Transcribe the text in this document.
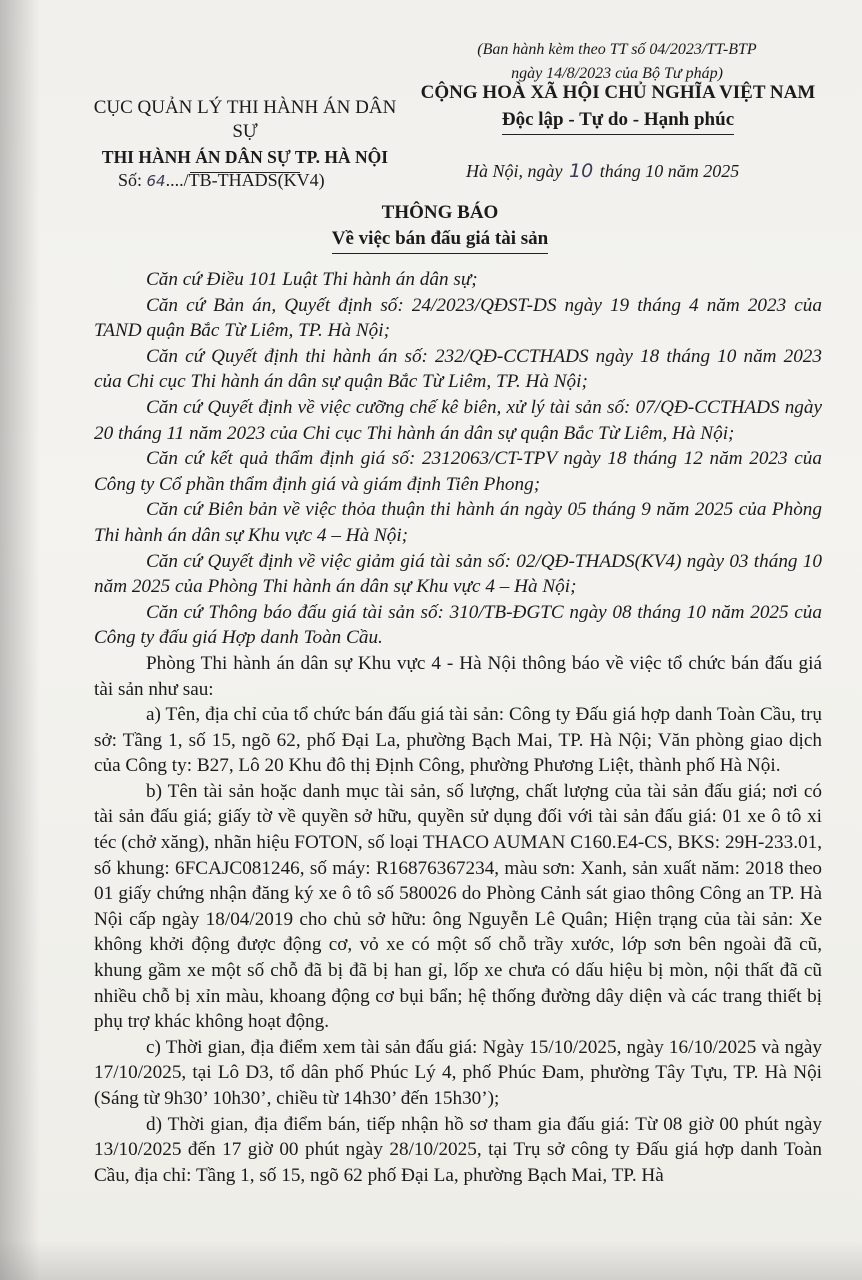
(Ban hành kèm theo TT số 04/2023/TT-BTP
ngày 14/8/2023 của Bộ Tư pháp)
CỤC QUẢN LÝ THI HÀNH ÁN DÂN SỰ
THI HÀNH ÁN DÂN SỰ TP. HÀ NỘI
CỘNG HOÀ XÃ HỘI CHỦ NGHĨA VIỆT NAM
Độc lập - Tự do - Hạnh phúc
Số: 64..../TB-THADS(KV4)	Hà Nội, ngày 10 tháng 10 năm 2025
THÔNG BÁO
Về việc bán đấu giá tài sản

Căn cứ Điều 101 Luật Thi hành án dân sự;

Căn cứ Bản án, Quyết định số: 24/2023/QĐST-DS ngày 19 tháng 4 năm 2023 của TAND quận Bắc Từ Liêm, TP. Hà Nội;

Căn cứ Quyết định thi hành án số: 232/QĐ-CCTHADS ngày 18 tháng 10 năm 2023 của Chi cục Thi hành án dân sự quận Bắc Từ Liêm, TP. Hà Nội;

Căn cứ Quyết định về việc cưỡng chế kê biên, xử lý tài sản số: 07/QĐ-CCTHADS ngày 20 tháng 11 năm 2023 của Chi cục Thi hành án dân sự quận Bắc Từ Liêm, Hà Nội;

Căn cứ kết quả thẩm định giá số: 2312063/CT-TPV ngày 18 tháng 12 năm 2023 của Công ty Cổ phần thẩm định giá và giám định Tiên Phong;

Căn cứ Biên bản về việc thỏa thuận thi hành án ngày 05 tháng 9 năm 2025 của Phòng Thi hành án dân sự Khu vực 4 – Hà Nội;

Căn cứ Quyết định về việc giảm giá tài sản số: 02/QĐ-THADS(KV4) ngày 03 tháng 10 năm 2025 của Phòng Thi hành án dân sự Khu vực 4 – Hà Nội;

Căn cứ Thông báo đấu giá tài sản số: 310/TB-ĐGTC ngày 08 tháng 10 năm 2025 của Công ty đấu giá Hợp danh Toàn Cầu.

Phòng Thi hành án dân sự Khu vực 4 - Hà Nội thông báo về việc tổ chức bán đấu giá tài sản như sau:

a) Tên, địa chỉ của tổ chức bán đấu giá tài sản: Công ty Đấu giá hợp danh Toàn Cầu, trụ sở: Tầng 1, số 15, ngõ 62, phố Đại La, phường Bạch Mai, TP. Hà Nội; Văn phòng giao dịch của Công ty: B27, Lô 20 Khu đô thị Định Công, phường Phương Liệt, thành phố Hà Nội.

b) Tên tài sản hoặc danh mục tài sản, số lượng, chất lượng của tài sản đấu giá; nơi có tài sản đấu giá; giấy tờ về quyền sở hữu, quyền sử dụng đối với tài sản đấu giá: 01 xe ô tô xi téc (chở xăng), nhãn hiệu FOTON, số loại THACO AUMAN C160.E4-CS, BKS: 29H-233.01, số khung: 6FCAJC081246, số máy: R16876367234, màu sơn: Xanh, sản xuất năm: 2018 theo 01 giấy chứng nhận đăng ký xe ô tô số 580026 do Phòng Cảnh sát giao thông Công an TP. Hà Nội cấp ngày 18/04/2019 cho chủ sở hữu: ông Nguyễn Lê Quân; Hiện trạng của tài sản: Xe không khởi động được động cơ, vỏ xe có một số chỗ trầy xước, lớp sơn bên ngoài đã cũ, khung gầm xe một số chỗ đã bị đã bị han gỉ, lốp xe chưa có dấu hiệu bị mòn, nội thất đã cũ nhiều chỗ bị xỉn màu, khoang động cơ bụi bẩn; hệ thống đường dây diện và các trang thiết bị phụ trợ khác không hoạt động.

c) Thời gian, địa điểm xem tài sản đấu giá: Ngày 15/10/2025, ngày 16/10/2025 và ngày 17/10/2025, tại Lô D3, tổ dân phố Phúc Lý 4, phố Phúc Đam, phường Tây Tựu, TP. Hà Nội (Sáng từ 9h30’ 10h30’, chiều từ 14h30’ đến 15h30’);

d) Thời gian, địa điểm bán, tiếp nhận hồ sơ tham gia đấu giá: Từ 08 giờ 00 phút ngày 13/10/2025 đến 17 giờ 00 phút ngày 28/10/2025, tại Trụ sở công ty Đấu giá hợp danh Toàn Cầu, địa chỉ: Tầng 1, số 15, ngõ 62 phố Đại La, phường Bạch Mai, TP. Hà
